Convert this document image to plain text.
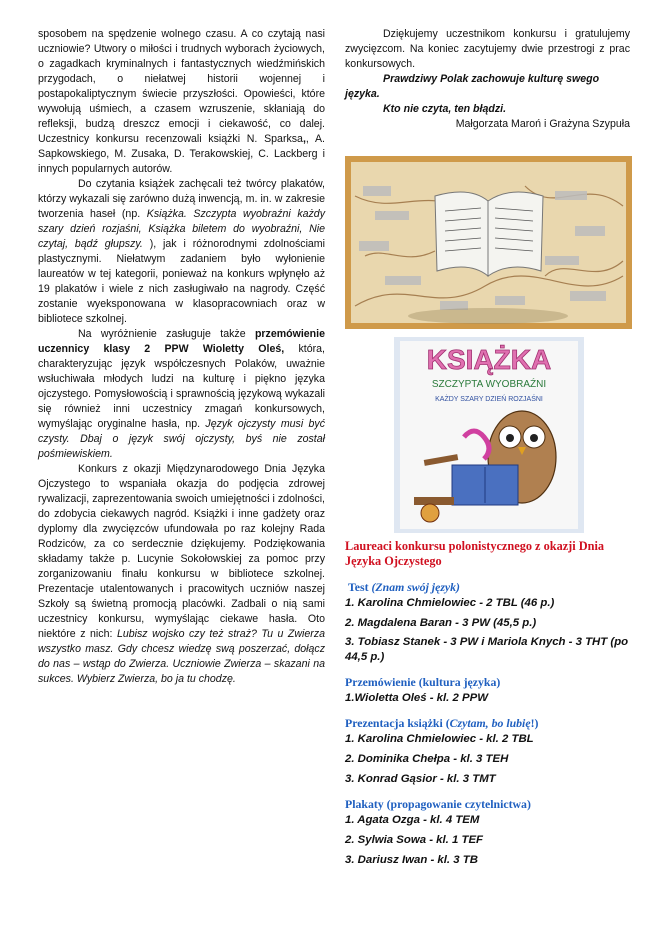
sposobem na spędzenie wolnego czasu. A co czytają nasi uczniowie? Utwory o miłości i trudnych wyborach życiowych, o zagadkach kryminalnych i fantastycznych wiedźmińskich przygodach, o niełatwej historii wojennej i postapokaliptycznym świecie przyszłości. Opowieści, które wywołują uśmiech, a czasem wzruszenie, skłaniają do refleksji, budzą dreszcz emocji i ciekawość, co dalej. Uczestnicy konkursu recenzowali książki N. Sparksa,, A. Sapkowskiego, M. Zusaka, D. Terakowskiej, C. Lackberg i innych popularnych autorów.

Do czytania książek zachęcali też twórcy plakatów, którzy wykazali się zarówno dużą inwencją, m. in. w zakresie tworzenia haseł (np. Książka. Szczypta wyobraźni każdy szary dzień rozjaśni, Książka biletem do wyobraźni, Nie czytaj, bądź głupszy. ), jak i różnorodnymi zdolnościami plastycznymi. Niełatwym zadaniem było wyłonienie laureatów w tej kategorii, ponieważ na konkurs wpłynęło aż 19 plakatów i wiele z nich zasługiwało na nagrody. Część zostanie wyeksponowana w klasopracowniach oraz w bibliotece szkolnej.

Na wyróżnienie zasługuje także przemówienie uczennicy klasy 2 PPW Wioletty Oleś, która, charakteryzując język współczesnych Polaków, uważnie wsłuchiwała młodych ludzi na kulturę i piękno języka ojczystego. Pomysłowością i sprawnością językową wykazali się również inni uczestnicy zmagań konkursowych, wymyślając oryginalne hasła, np. Język ojczysty musi być czysty. Dbaj o język swój ojczysty, byś nie został pośmiewiskiem.

Konkurs z okazji Międzynarodowego Dnia Języka Ojczystego to wspaniała okazja do podjęcia zdrowej rywalizacji, zaprezentowania swoich umiejętności i zdolności, do zdobycia ciekawych nagród. Książki i inne gadżety oraz dyplomy dla zwycięzców ufundowała po raz kolejny Rada Rodziców, za co serdecznie dziękujemy. Podziękowania składamy także p. Lucynie Sokołowskiej za pomoc przy zorganizowaniu finału konkursu w bibliotece szkolnej. Prezentacje utalentowanych i pracowitych uczniów naszej Szkoły są świetną promocją placówki. Zadbali o nią sami uczestnicy konkursu, wymyślając ciekawe hasła. Oto niektóre z nich: Lubisz wojsko czy też straż? Tu u Zwierza wszystko masz. Gdy chcesz wiedzę swą poszerzać, dołącz do nas – wstąp do Zwierza. Uczniowie Zwierza – skazani na sukces. Wybierz Zwierza, bo ja tu chodzę.

Dziękujemy uczestnikom konkursu i gratulujemy zwycięzcom. Na koniec zacytujemy dwie przestrogi z prac konkursowych.

Prawdziwy Polak zachowuje kulturę swego języka.

Kto nie czyta, ten błądzi.

Małgorzata Maroń i Grażyna Szypuła

KSIĄŻKA
SZCZYPTA WYOBRAŹNI
KAŻDY SZARY DZIEŃ ROZJAŚNI

Laureaci konkursu polonistycznego z okazji Dnia Języka Ojczystego

Test (Znam swój język)

1. Karolina Chmielowiec - 2 TBL (46 p.)

2. Magdalena Baran - 3 PW (45,5 p.)

3. Tobiasz Stanek - 3 PW i Mariola Knych - 3 THT (po 44,5 p.)

Przemówienie (kultura języka)

1.Wioletta Oleś - kl. 2 PPW

Prezentacja książki (Czytam, bo lubię!)

1. Karolina Chmielowiec - kl. 2 TBL

2. Dominika Chełpa - kl. 3 TEH

3. Konrad Gąsior - kl. 3 TMT

Plakaty (propagowanie czytelnictwa)

1. Agata Ozga - kl. 4 TEM

2. Sylwia Sowa - kl. 1 TEF

3. Dariusz Iwan - kl. 3 TB
